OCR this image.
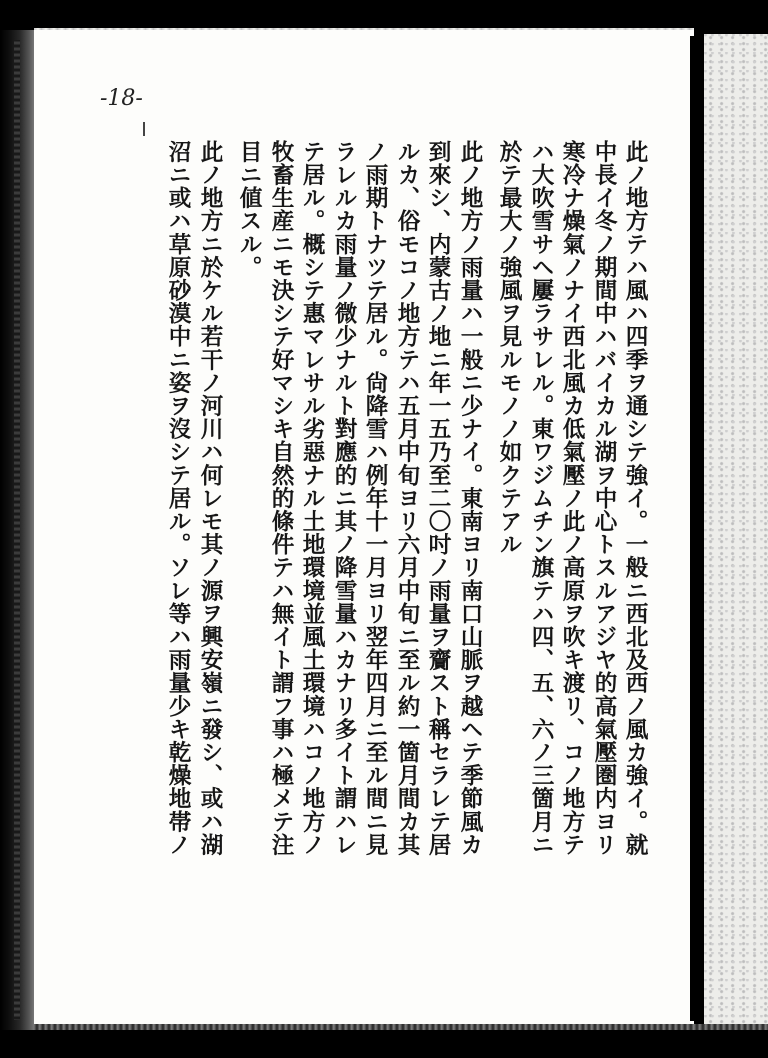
-18-
此ノ地方テハ風ハ四季ヲ通シテ強イ。一般ニ西北及西ノ風カ強イ。就
中長イ冬ノ期間中ハバイカル湖ヲ中心トスルアジヤ的高氣壓圏内ヨリ
寒冷ナ燥氣ノナイ西北風カ低氣壓ノ此ノ高原ヲ吹キ渡リ、コノ地方テ
ハ大吹雪サヘ屢ラサレル。東ワジムチン旗テハ四、五、六ノ三箇月ニ
於テ最大ノ強風ヲ見ルモノノ如クテアル
此ノ地方ノ雨量ハ一般ニ少ナイ。東南ヨリ南口山脈ヲ越ヘテ季節風カ
到來シ、内蒙古ノ地ニ年一五乃至二〇吋ノ雨量ヲ齎スト稱セラレテ居
ルカ、俗モコノ地方テハ五月中旬ヨリ六月中旬ニ至ル約一箇月間カ其
ノ雨期トナツテ居ル。尙降雪ハ例年十一月ヨリ翌年四月ニ至ル間ニ見
ラレルカ雨量ノ微少ナルト對應的ニ其ノ降雪量ハカナリ多イト謂ハレ
テ居ル。概シテ惠マレサル劣惡ナル土地環境並風土環境ハコノ地方ノ
牧畜生産ニモ決シテ好マシキ自然的條件テハ無イト謂フ事ハ極メテ注
目ニ値スル。
此ノ地方ニ於ケル若干ノ河川ハ何レモ其ノ源ヲ興安嶺ニ發シ、或ハ湖
沼ニ或ハ草原砂漠中ニ姿ヲ沒シテ居ル。ソレ等ハ雨量少キ乾燥地帯ノ
